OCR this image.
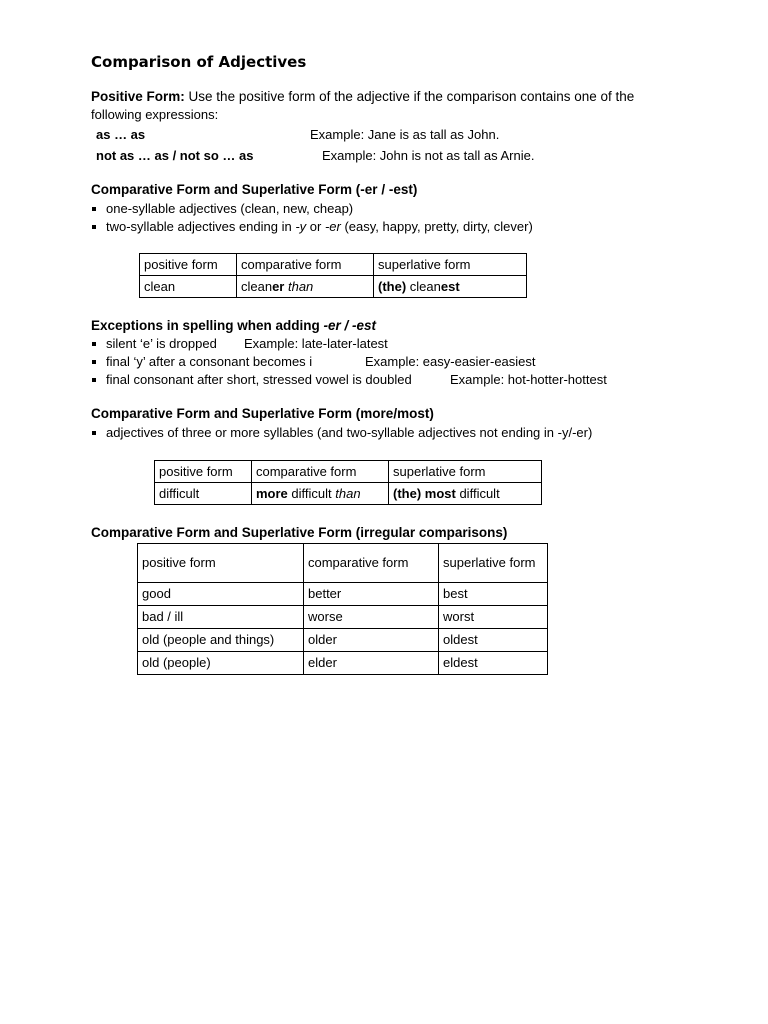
Comparison of Adjectives
Positive Form: Use the positive form of the adjective if the comparison contains one of the
following expressions:
as … as	Example: Jane is as tall as John.
not as … as / not so … as	Example: John is not as tall as Arnie.
Comparative Form and Superlative Form (-er / -est)
one-syllable adjectives (clean, new, cheap)
two-syllable adjectives ending in -y or -er (easy, happy, pretty, dirty, clever)
positive form	comparative form	superlative form
clean	cleaner than	(the) cleanest
Exceptions in spelling when adding -er / -est
silent ‘e’ is dropped Example: late-later-latest
final ‘y’ after a consonant becomes i	Example: easy-easier-easiest
final consonant after short, stressed vowel is doubled	Example: hot-hotter-hottest
Comparative Form and Superlative Form (more/most)
adjectives of three or more syllables (and two-syllable adjectives not ending in -y/-er)
positive form	comparative form	superlative form
difficult	more difficult than	(the) most difficult
Comparative Form and Superlative Form (irregular comparisons)
positive form	comparative form	superlative form
good	better	best
bad / ill	worse	worst
old (people and things)	older	oldest
old (people)	elder	eldest
